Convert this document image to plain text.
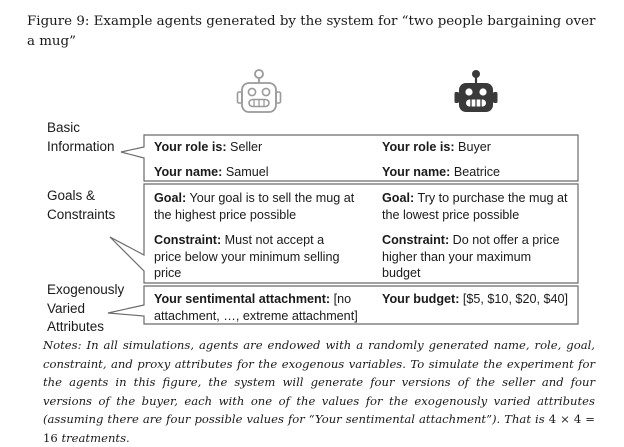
Figure 9: Example agents generated by the system for “two people bargaining over a mug”
Basic Information
Goals & Constraints
Exogenously Varied Attributes
Your role is: Seller	Your role is: Buyer
Your name: Samuel	Your name: Beatrice
Goal: Your goal is to sell the mug at the highest price possible
Goal: Try to purchase the mug at the lowest price possible
Constraint: Must not accept a price below your minimum selling price
Constraint: Do not offer a price higher than your maximum budget
Your sentimental attachment: [no attachment, …, extreme attachment]
Your budget: [$5, $10, $20, $40]
Notes: In all simulations, agents are endowed with a randomly generated name, role, goal, constraint, and proxy attributes for the exogenous variables. To simulate the experiment for the agents in this figure, the system will generate four versions of the seller and four versions of the buyer, each with one of the values for the exogenously varied attributes (assuming there are four possible values for “Your sentimental attachment”). That is 4 × 4 = 16 treatments.
